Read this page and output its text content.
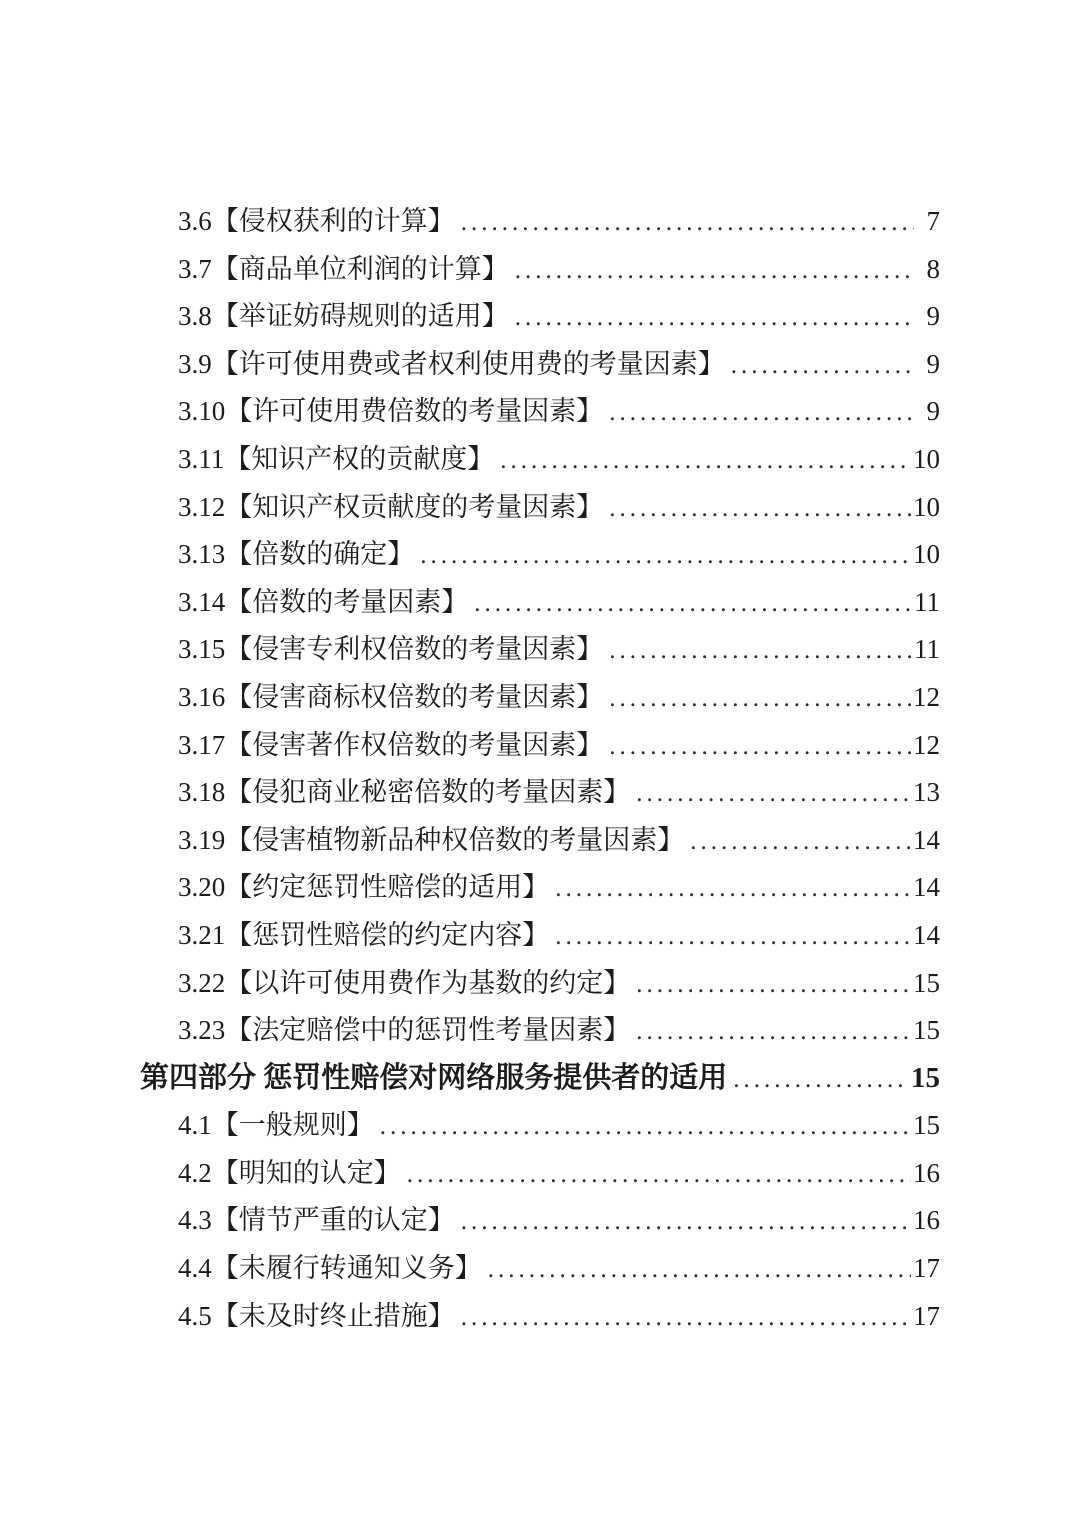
3.6【侵权获利的计算】 .....	7
3.7【商品单位利润的计算】 .....	8
3.8【举证妨碍规则的适用】 .....	9
3.9【许可使用费或者权利使用费的考量因素】 .....	9
3.10【许可使用费倍数的考量因素】 .....	9
3.11【知识产权的贡献度】 .....	10
3.12【知识产权贡献度的考量因素】 .....	10
3.13【倍数的确定】 .....	10
3.14【倍数的考量因素】 .....	11
3.15【侵害专利权倍数的考量因素】 .....	11
3.16【侵害商标权倍数的考量因素】 .....	12
3.17【侵害著作权倍数的考量因素】 .....	12
3.18【侵犯商业秘密倍数的考量因素】 .....	13
3.19【侵害植物新品种权倍数的考量因素】 .....	14
3.20【约定惩罚性赔偿的适用】 .....	14
3.21【惩罚性赔偿的约定内容】 .....	14
3.22【以许可使用费作为基数的约定】 .....	15
3.23【法定赔偿中的惩罚性考量因素】 .....	15
第四部分 惩罚性赔偿对网络服务提供者的适用 .....	15
4.1【一般规则】 .....	15
4.2【明知的认定】 .....	16
4.3【情节严重的认定】 .....	16
4.4【未履行转通知义务】 .....	17
4.5【未及时终止措施】 .....	17
